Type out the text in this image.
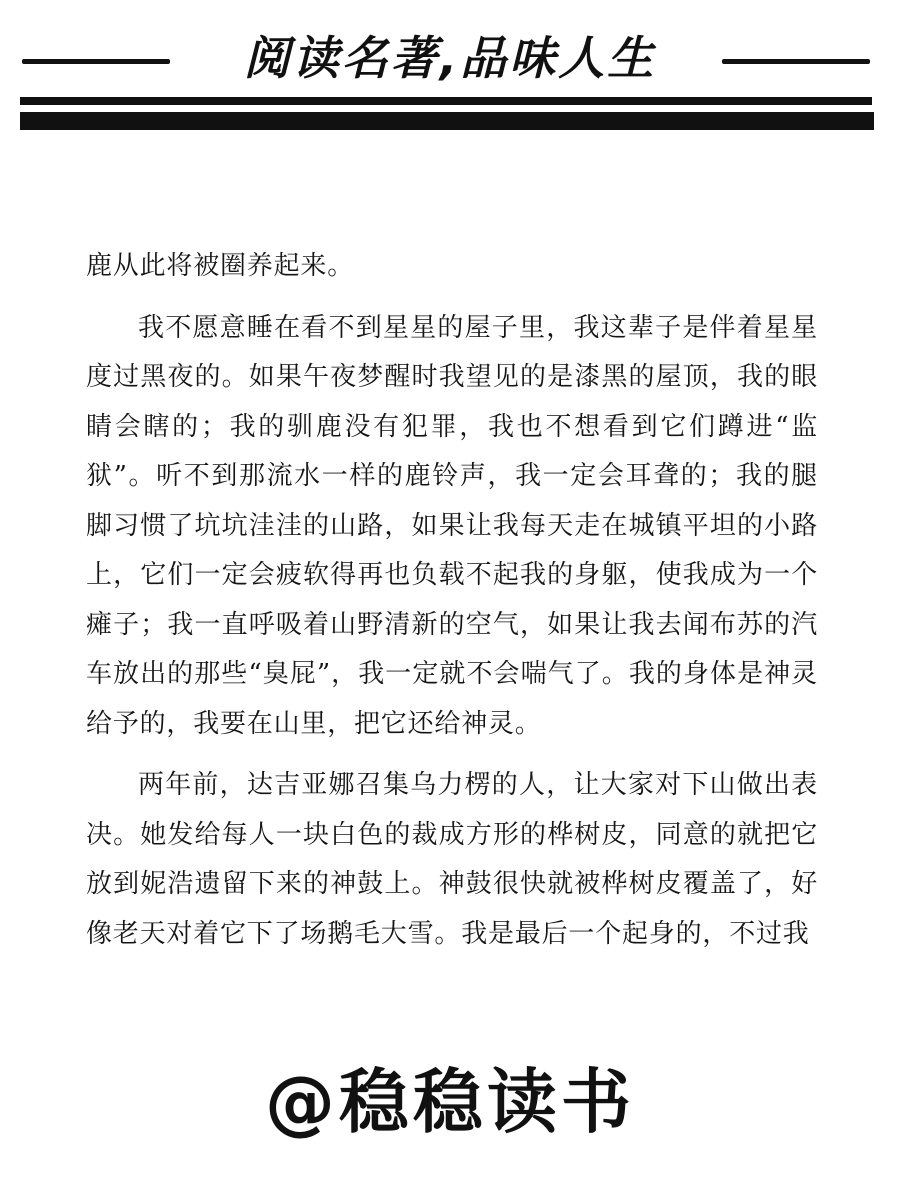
阅读名著,品味人生

鹿从此将被圈养起来。

我不愿意睡在看不到星星的屋子里，我这辈子是伴着星星度过黑夜的。如果午夜梦醒时我望见的是漆黑的屋顶，我的眼睛会瞎的；我的驯鹿没有犯罪，我也不想看到它们蹲进“监狱”。听不到那流水一样的鹿铃声，我一定会耳聋的；我的腿脚习惯了坑坑洼洼的山路，如果让我每天走在城镇平坦的小路上，它们一定会疲软得再也负载不起我的身躯，使我成为一个瘫子；我一直呼吸着山野清新的空气，如果让我去闻布苏的汽车放出的那些“臭屁”，我一定就不会喘气了。我的身体是神灵给予的，我要在山里，把它还给神灵。

两年前，达吉亚娜召集乌力楞的人，让大家对下山做出表决。她发给每人一块白色的裁成方形的桦树皮，同意的就把它放到妮浩遗留下来的神鼓上。神鼓很快就被桦树皮覆盖了，好像老天对着它下了场鹅毛大雪。我是最后一个起身的，不过我

@稳稳读书
